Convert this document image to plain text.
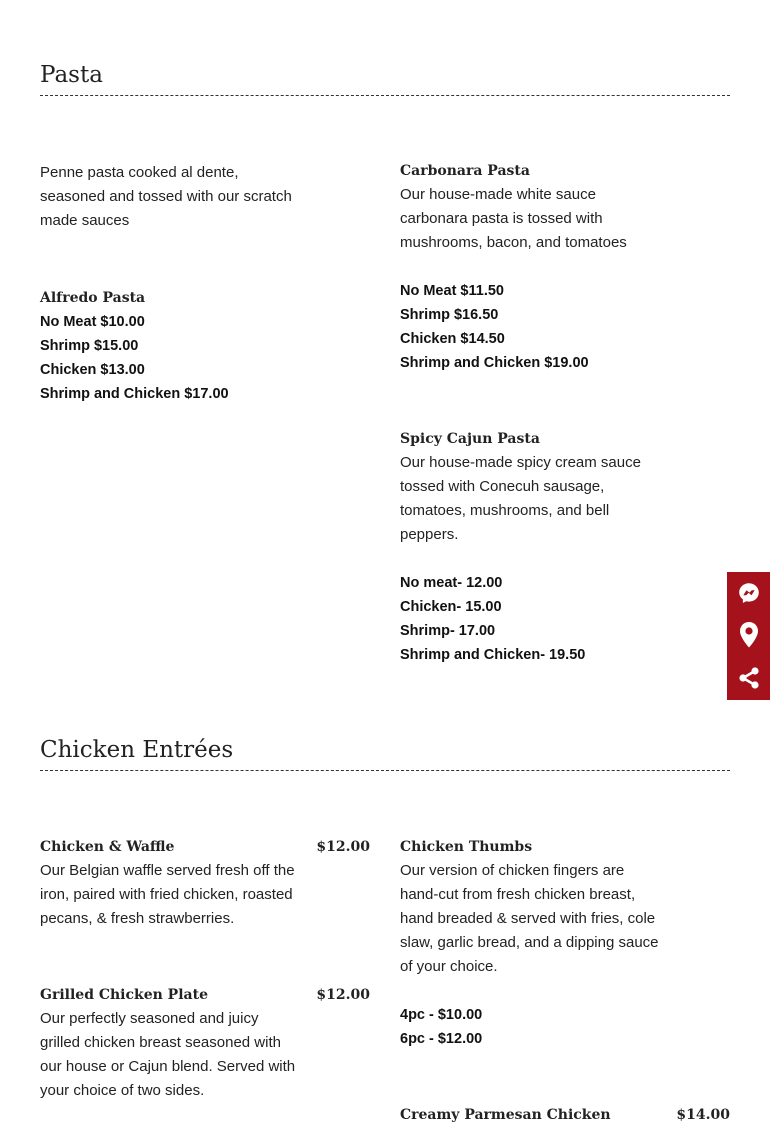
Pasta
Penne pasta cooked al dente, seasoned and tossed with our scratch made sauces
Alfredo Pasta
No Meat $10.00
Shrimp $15.00
Chicken $13.00
Shrimp and Chicken $17.00
Carbonara Pasta
Our house-made white sauce carbonara pasta is tossed with mushrooms, bacon, and tomatoes
No Meat $11.50
Shrimp $16.50
Chicken $14.50
Shrimp and Chicken $19.00
Spicy Cajun Pasta
Our house-made spicy cream sauce tossed with Conecuh sausage, tomatoes, mushrooms, and bell peppers.
No meat- 12.00
Chicken- 15.00
Shrimp- 17.00
Shrimp and Chicken- 19.50
Chicken Entrées
Chicken & Waffle
Our Belgian waffle served fresh off the iron, paired with fried chicken, roasted pecans, & fresh strawberries.
$12.00
Grilled Chicken Plate
Our perfectly seasoned and juicy grilled chicken breast seasoned with our house or Cajun blend. Served with your choice of two sides.
$12.00
Chicken Thumbs
Our version of chicken fingers are hand-cut from fresh chicken breast, hand breaded & served with fries, cole slaw, garlic bread, and a dipping sauce of your choice.
4pc - $10.00
6pc - $12.00
Creamy Parmesan Chicken	$14.00
